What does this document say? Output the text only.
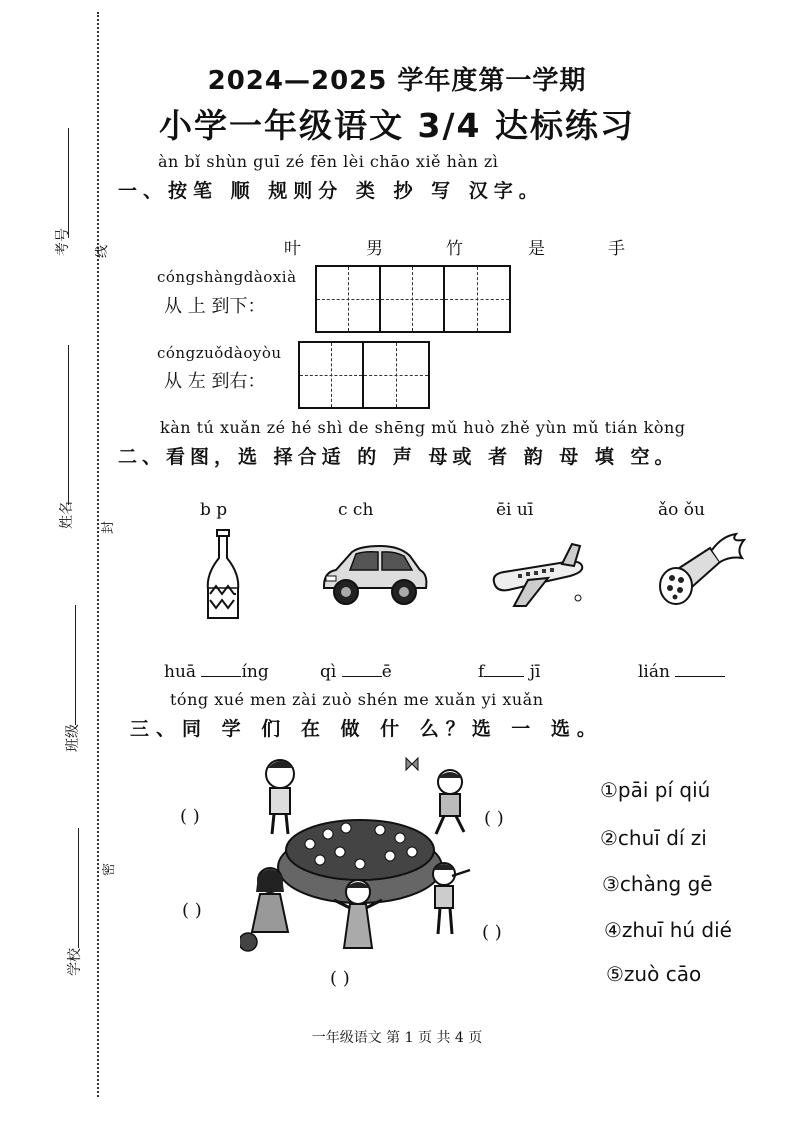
考号
姓名
班级
学校
线
封
密
2024—2025 学年度第一学期
小学一年级语文 3/4 达标练习
àn bǐ shùn guī zé fēn lèi chāo xiě hàn zì
一、按笔 顺 规则分 类 抄 写 汉字。
叶	男	竹	是	手
cóngshàngdàoxià
从 上 到下：
cóngzuǒdàoyòu
从 左 到右：
kàn tú xuǎn zé hé shì de shēng mǔ huò zhě yùn mǔ tián kòng
二、看图，选 择合适 的 声 母或 者 韵 母 填 空。
b p	c ch	ēi uī	ǎo ǒu
huā íng	qì ē	f jī	lián
tóng xué men zài zuò shén me xuǎn yi xuǎn
三、同 学 们 在 做 什 么？选 一 选。
( )	( )
( )
( )
( )
①pāi pí qiú
②chuī dí zi
③chàng gē
④zhuī hú dié
⑤zuò cāo
一年级语文 第 1 页 共 4 页
